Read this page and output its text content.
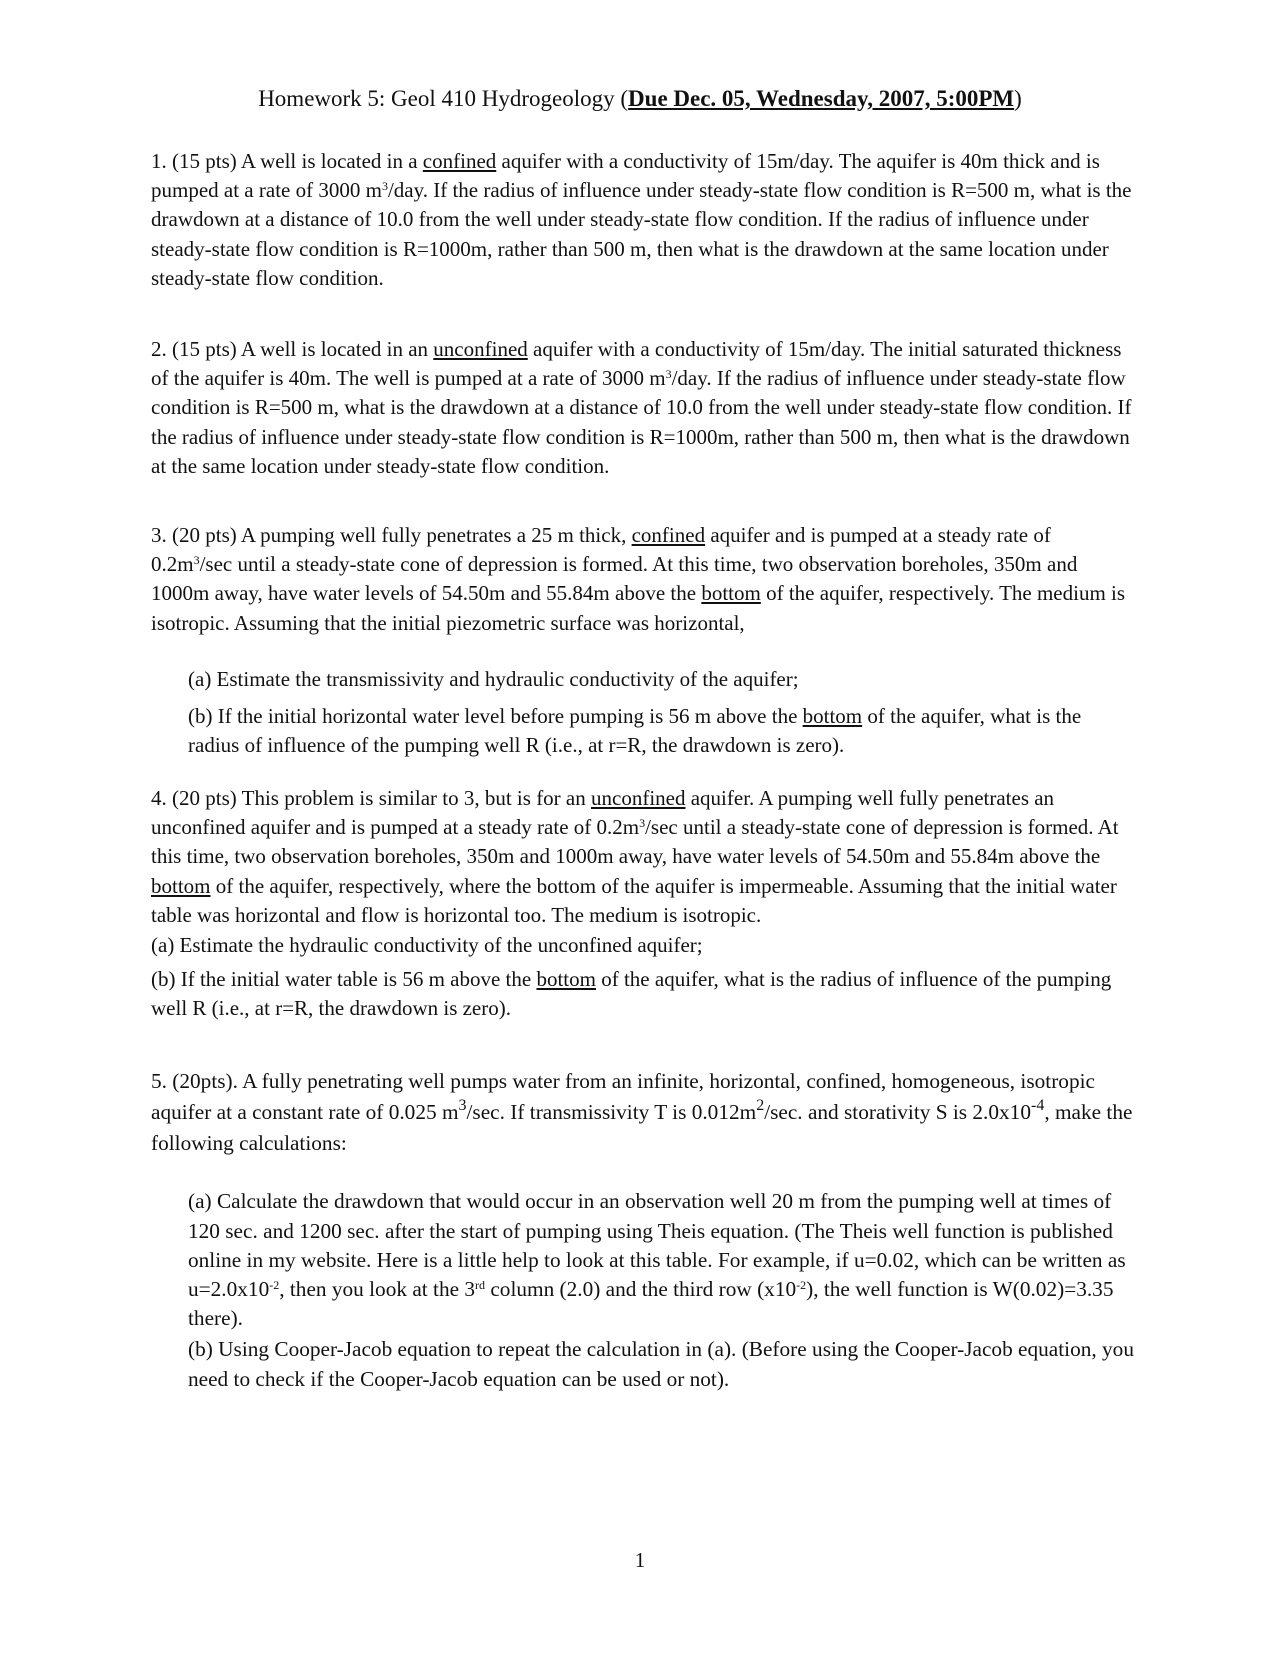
Homework 5: Geol 410 Hydrogeology (Due Dec. 05, Wednesday, 2007, 5:00PM)

1. (15 pts) A well is located in a confined aquifer with a conductivity of 15m/day. The aquifer is 40m thick and is pumped at a rate of 3000 $m^3$/day. If the radius of influence under steady-state flow condition is R=500 m, what is the drawdown at a distance of 10.0 from the well under steady-state flow condition. If the radius of influence under steady-state flow condition is R=1000m, rather than 500 m, then what is the drawdown at the same location under steady-state flow condition.

2. (15 pts) A well is located in an unconfined aquifer with a conductivity of 15m/day. The initial saturated thickness of the aquifer is 40m. The well is pumped at a rate of 3000 $m^3$/day. If the radius of influence under steady-state flow condition is R=500 m, what is the drawdown at a distance of 10.0 from the well under steady-state flow condition. If the radius of influence under steady-state flow condition is R=1000m, rather than 500 m, then what is the drawdown at the same location under steady-state flow condition.

3. (20 pts) A pumping well fully penetrates a 25 m thick, confined aquifer and is pumped at a steady rate of $0.2m^3/\sec$ until a steady-state cone of depression is formed. At this time, two observation boreholes, 350m and 1000m away, have water levels of 54.50m and 55.84m above the bottom of the aquifer, respectively. The medium is isotropic. Assuming that the initial piezometric surface was horizontal,

(a) Estimate the transmissivity and hydraulic conductivity of the aquifer;

(b) If the initial horizontal water level before pumping is 56 m above the bottom of the aquifer, what is the radius of influence of the pumping well R (i.e., at r=R, the drawdown is zero).

4. (20 pts) This problem is similar to 3, but is for an unconfined aquifer. A pumping well fully penetrates an unconfined aquifer and is pumped at a steady rate of $0.2m^3/\sec$ until a steady-state cone of depression is formed. At this time, two observation boreholes, 350m and 1000m away, have water levels of 54.50m and 55.84m above the bottom of the aquifer, respectively, where the bottom of the aquifer is impermeable. Assuming that the initial water table was horizontal and flow is horizontal too. The medium is isotropic.

(a) Estimate the hydraulic conductivity of the unconfined aquifer;

(b) If the initial water table is 56 m above the bottom of the aquifer, what is the radius of influence of the pumping well R (i.e., at r=R, the drawdown is zero).

5. (20pts). A fully penetrating well pumps water from an infinite, horizontal, confined, homogeneous, isotropic aquifer at a constant rate of 0.025 $m^3/\sec$. If transmissivity T is $0.012m^2/\sec$. and storativity S is $2.0x10^{-4}$, make the following calculations:

(a) Calculate the drawdown that would occur in an observation well 20 m from the pumping well at times of 120 sec. and 1200 sec. after the start of pumping using Theis equation. (The Theis well function is published online in my website. Here is a little help to look at this table. For example, if u=0.02, which can be written as $u=2.0x10^{-2}$, then you look at the 3rd column (2.0) and the third row $(x10^{-2})$, the well function is W(0.02)=3.35 there).

(b) Using Cooper-Jacob equation to repeat the calculation in (a). (Before using the Cooper-Jacob equation, you need to check if the Cooper-Jacob equation can be used or not).

1
